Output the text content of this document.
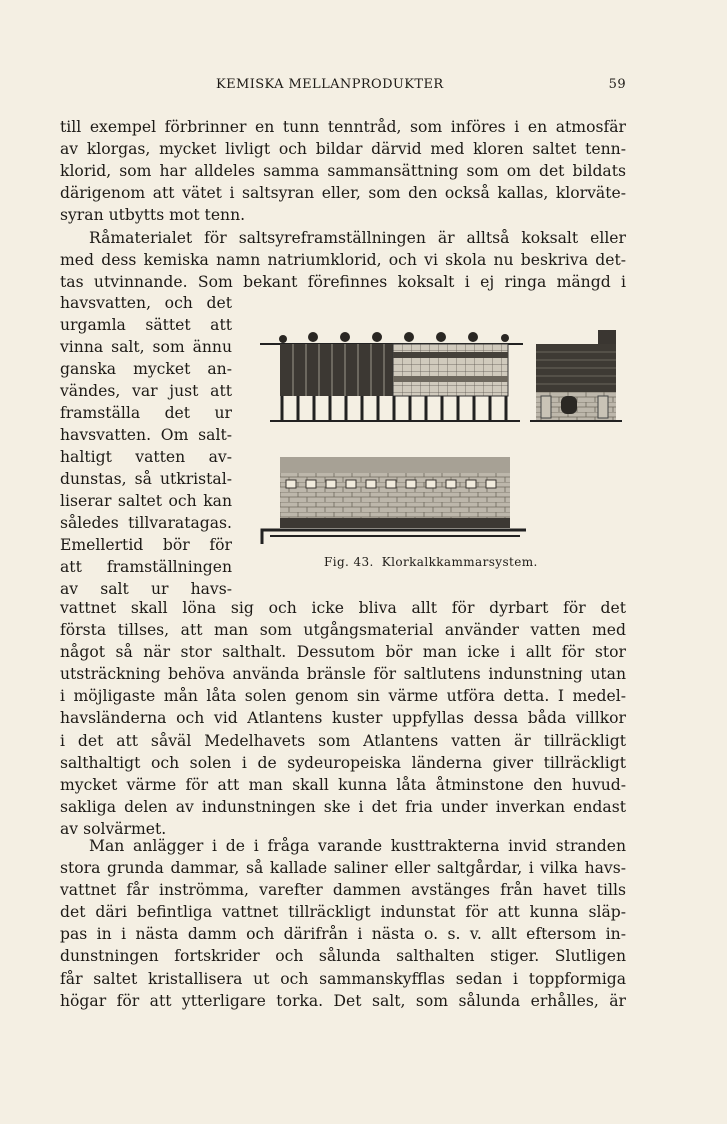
KEMISKA MELLANPRODUKTER	59
till exempel förbrinner en tunn tenntråd, som införes i en atmosfär
av klorgas, mycket livligt och bildar därvid med kloren saltet tenn-
klorid, som har alldeles samma sammansättning som om det bildats
därigenom att vätet i saltsyran eller, som den också kallas, klorväte-
syran utbytts mot tenn.
Råmaterialet för saltsyreframställningen är alltså koksalt eller
med dess kemiska namn natriumklorid, och vi skola nu beskriva det-
tas utvinnande. Som bekant förefinnes koksalt i ej ringa mängd i
havsvatten, och det
urgamla sättet att
vinna salt, som ännu
ganska mycket an-
vändes, var just att
framställa det ur
havsvatten. Om salt-
haltigt vatten av-
dunstas, så utkristal-
liserar saltet och kan
således tillvaratagas.
Emellertid bör för
att framställningen
av salt ur havs-
Fig. 43. Klorkalkkammarsystem.
vattnet skall löna sig och icke bliva allt för dyrbart för det
första tillses, att man som utgångsmaterial använder vatten med
något så när stor salthalt. Dessutom bör man icke i allt för stor
utsträckning behöva använda bränsle för saltlutens indunstning utan
i möjligaste mån låta solen genom sin värme utföra detta. I medel-
havsländerna och vid Atlantens kuster uppfyllas dessa båda villkor
i det att såväl Medelhavets som Atlantens vatten är tillräckligt
salthaltigt och solen i de sydeuropeiska länderna giver tillräckligt
mycket värme för att man skall kunna låta åtminstone den huvud-
sakliga delen av indunstningen ske i det fria under inverkan endast
av solvärmet.
Man anlägger i de i fråga varande kusttrakterna invid stranden
stora grunda dammar, så kallade saliner eller saltgårdar, i vilka havs-
vattnet får inströmma, varefter dammen avstänges från havet tills
det däri befintliga vattnet tillräckligt indunstat för att kunna släp-
pas in i nästa damm och därifrån i nästa o. s. v. allt eftersom in-
dunstningen fortskrider och sålunda salthalten stiger. Slutligen
får saltet kristallisera ut och sammanskyfflas sedan i toppformiga
högar för att ytterligare torka. Det salt, som sålunda erhålles, är
